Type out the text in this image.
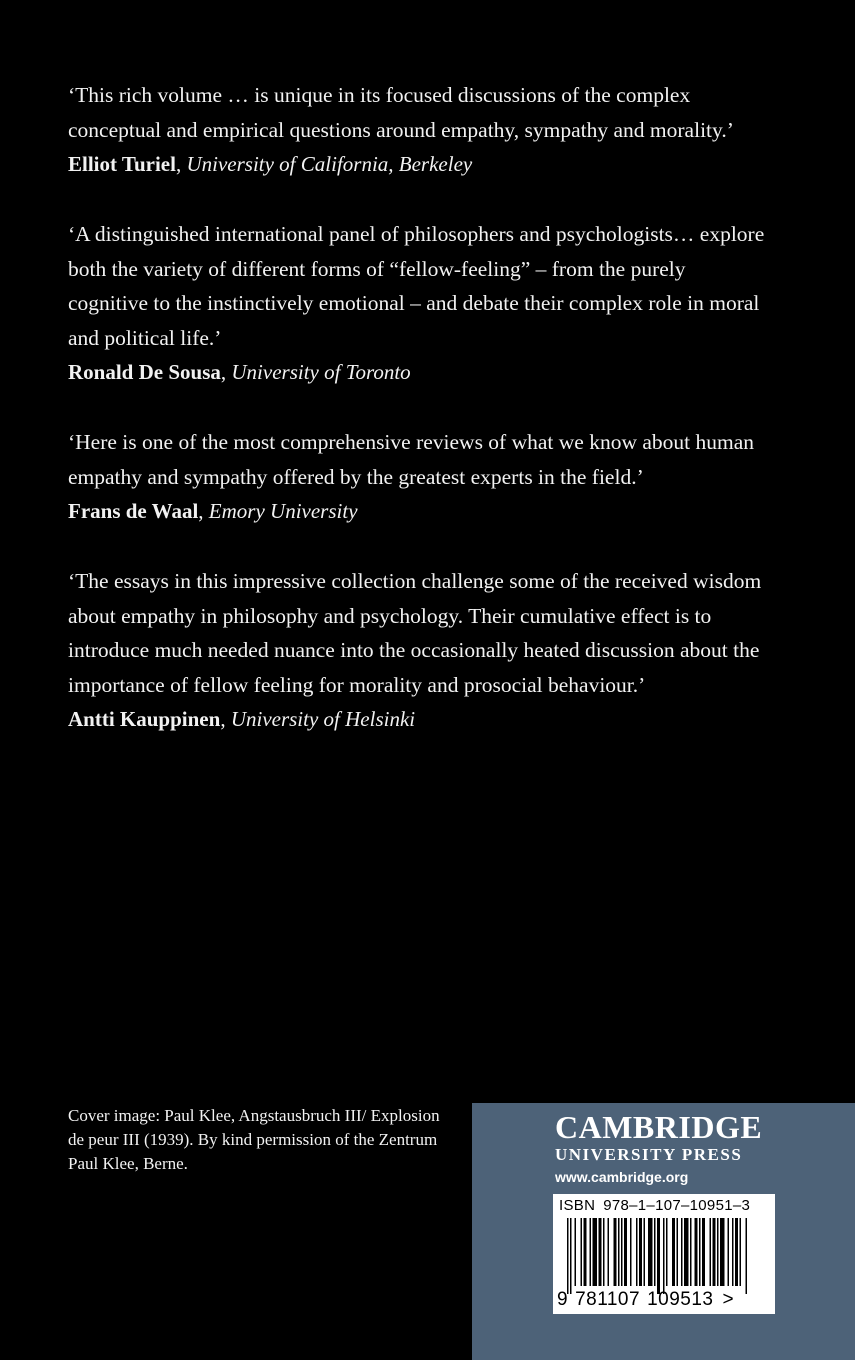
‘This rich volume … is unique in its focused discussions of the complex conceptual and empirical questions around empathy, sympathy and morality.’

Elliot Turiel, University of California, Berkeley

‘A distinguished international panel of philosophers and psychologists… explore both the variety of different forms of “fellow-feeling” – from the purely cognitive to the instinctively emotional – and debate their complex role in moral and political life.’

Ronald De Sousa, University of Toronto

‘Here is one of the most comprehensive reviews of what we know about human empathy and sympathy offered by the greatest experts in the field.’

Frans de Waal, Emory University

‘The essays in this impressive collection challenge some of the received wisdom about empathy in philosophy and psychology. Their cumulative effect is to introduce much needed nuance into the occasionally heated discussion about the importance of fellow feeling for morality and prosocial behaviour.’

Antti Kauppinen, University of Helsinki

Cover image: Paul Klee, Angstausbruch III/ Explosion de peur III (1939). By kind permission of the Zentrum Paul Klee, Berne.
CAMBRIDGE
UNIVERSITY PRESS
www.cambridge.org
ISBN 978–1–107–10951–3
9 781107 109513 >
